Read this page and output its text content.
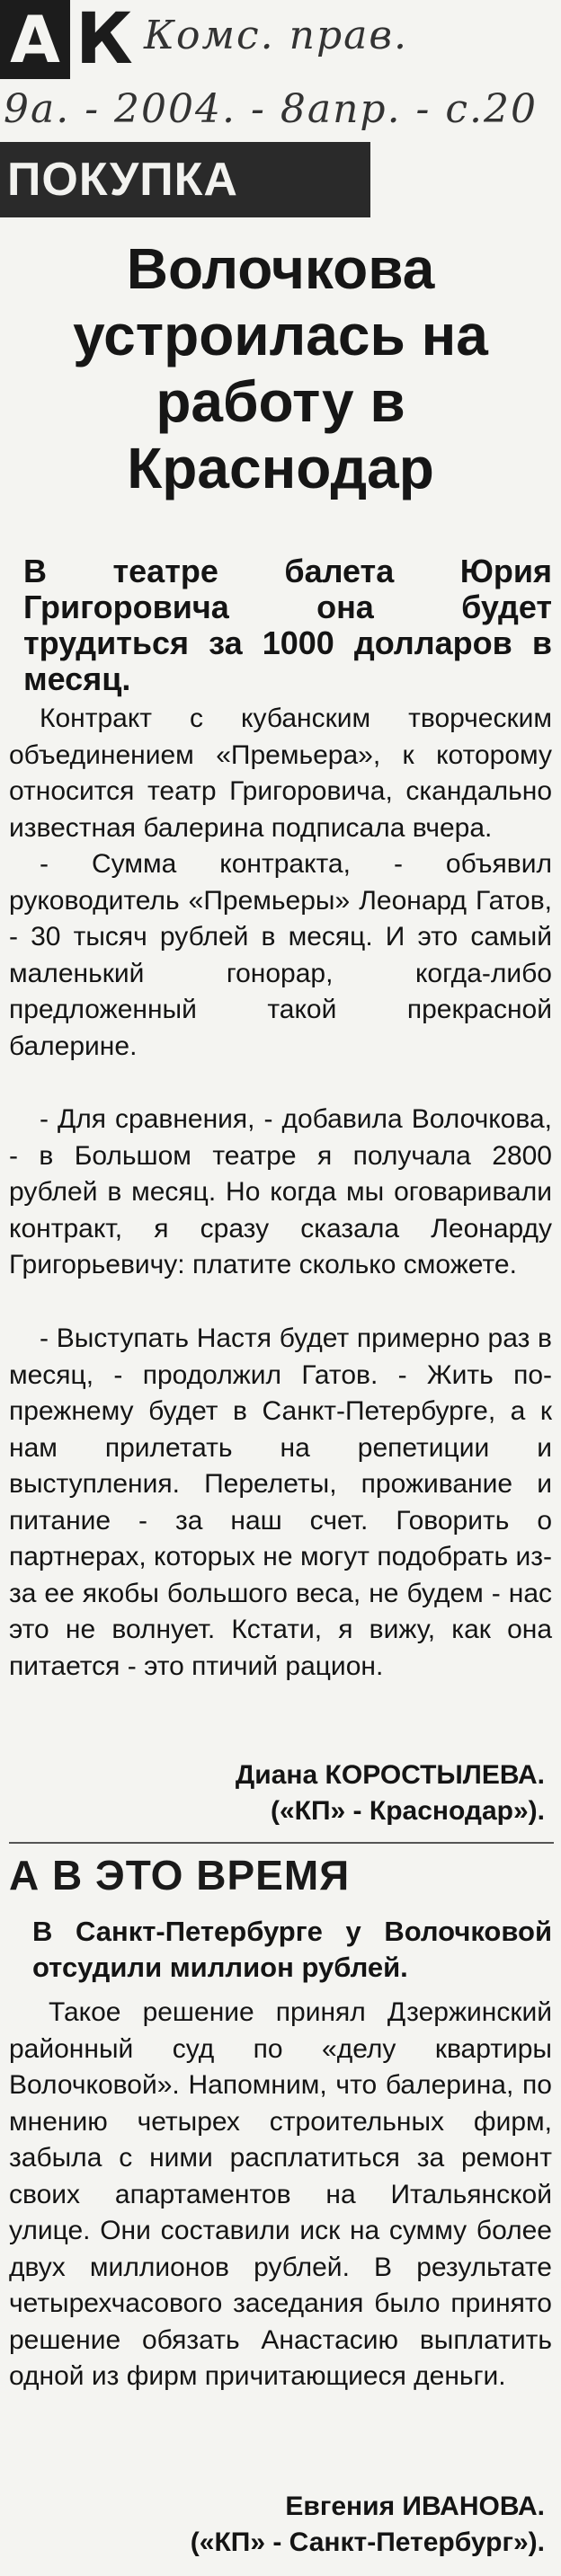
А К Комс. прав.
9а. - 2004. - 8апр. - с.20
ПОКУПКА
Волочкова устроилась на работу в Краснодар

В театре балета Юрия Григоровича она будет трудиться за 1000 долларов в месяц.

Контракт с кубанским творческим объединением «Премьера», к которому относится театр Григоровича, скандально известная балерина подписала вчера.

- Сумма контракта, - объявил руководитель «Премьеры» Леонард Гатов, - 30 тысяч рублей в месяц. И это самый маленький гонорар, когда-либо предложенный такой прекрасной балерине.

- Для сравнения, - добавила Волочкова, - в Большом театре я получала 2800 рублей в месяц. Но когда мы оговаривали контракт, я сразу сказала Леонарду Григорьевичу: платите сколько сможете.

- Выступать Настя будет примерно раз в месяц, - продолжил Гатов. - Жить по-прежнему будет в Санкт-Петербурге, а к нам прилетать на репетиции и выступления. Перелеты, проживание и питание - за наш счет. Говорить о партнерах, которых не могут подобрать из-за ее якобы большого веса, не будем - нас это не волнует. Кстати, я вижу, как она питается - это птичий рацион.

Диана КОРОСТЫЛЕВА.

(«КП» - Краснодар»).

А В ЭТО ВРЕМЯ

В Санкт-Петербурге у Волочковой отсудили миллион рублей.

Такое решение принял Дзержинский районный суд по «делу квартиры Волочковой». Напомним, что балерина, по мнению четырех строительных фирм, забыла с ними расплатиться за ремонт своих апартаментов на Итальянской улице. Они составили иск на сумму более двух миллионов рублей. В результате четырехчасового заседания было принято решение обязать Анастасию выплатить одной из фирм причитающиеся деньги.

Евгения ИВАНОВА.

(«КП» - Санкт-Петербург»).
